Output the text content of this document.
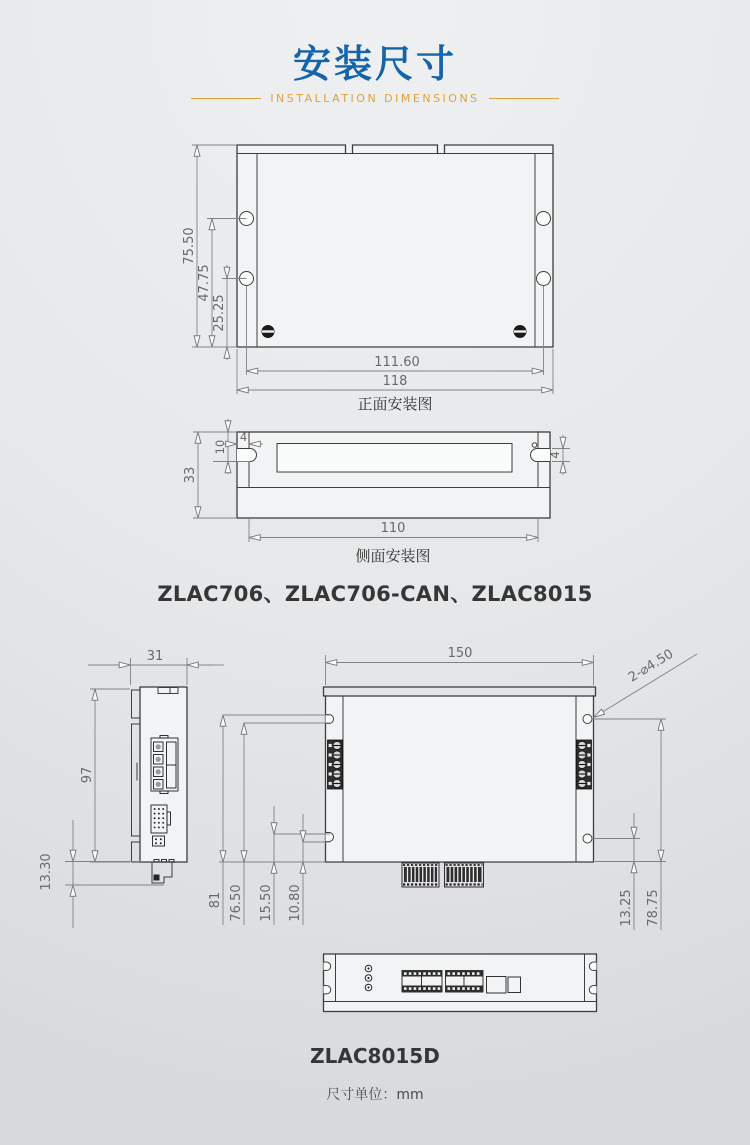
安装尺寸
INSTALLATION DIMENSIONS
ZLAC706、ZLAC706-CAN、ZLAC8015
ZLAC8015D
尺寸单位：mm
75.50
47.75
25.25
111.60
118
正面安装图
33
10
4
4
110
侧面安装图
31
97
13.30
150	2-⌀4.50
13.25 78.75
81 76.50 15.50 10.80
